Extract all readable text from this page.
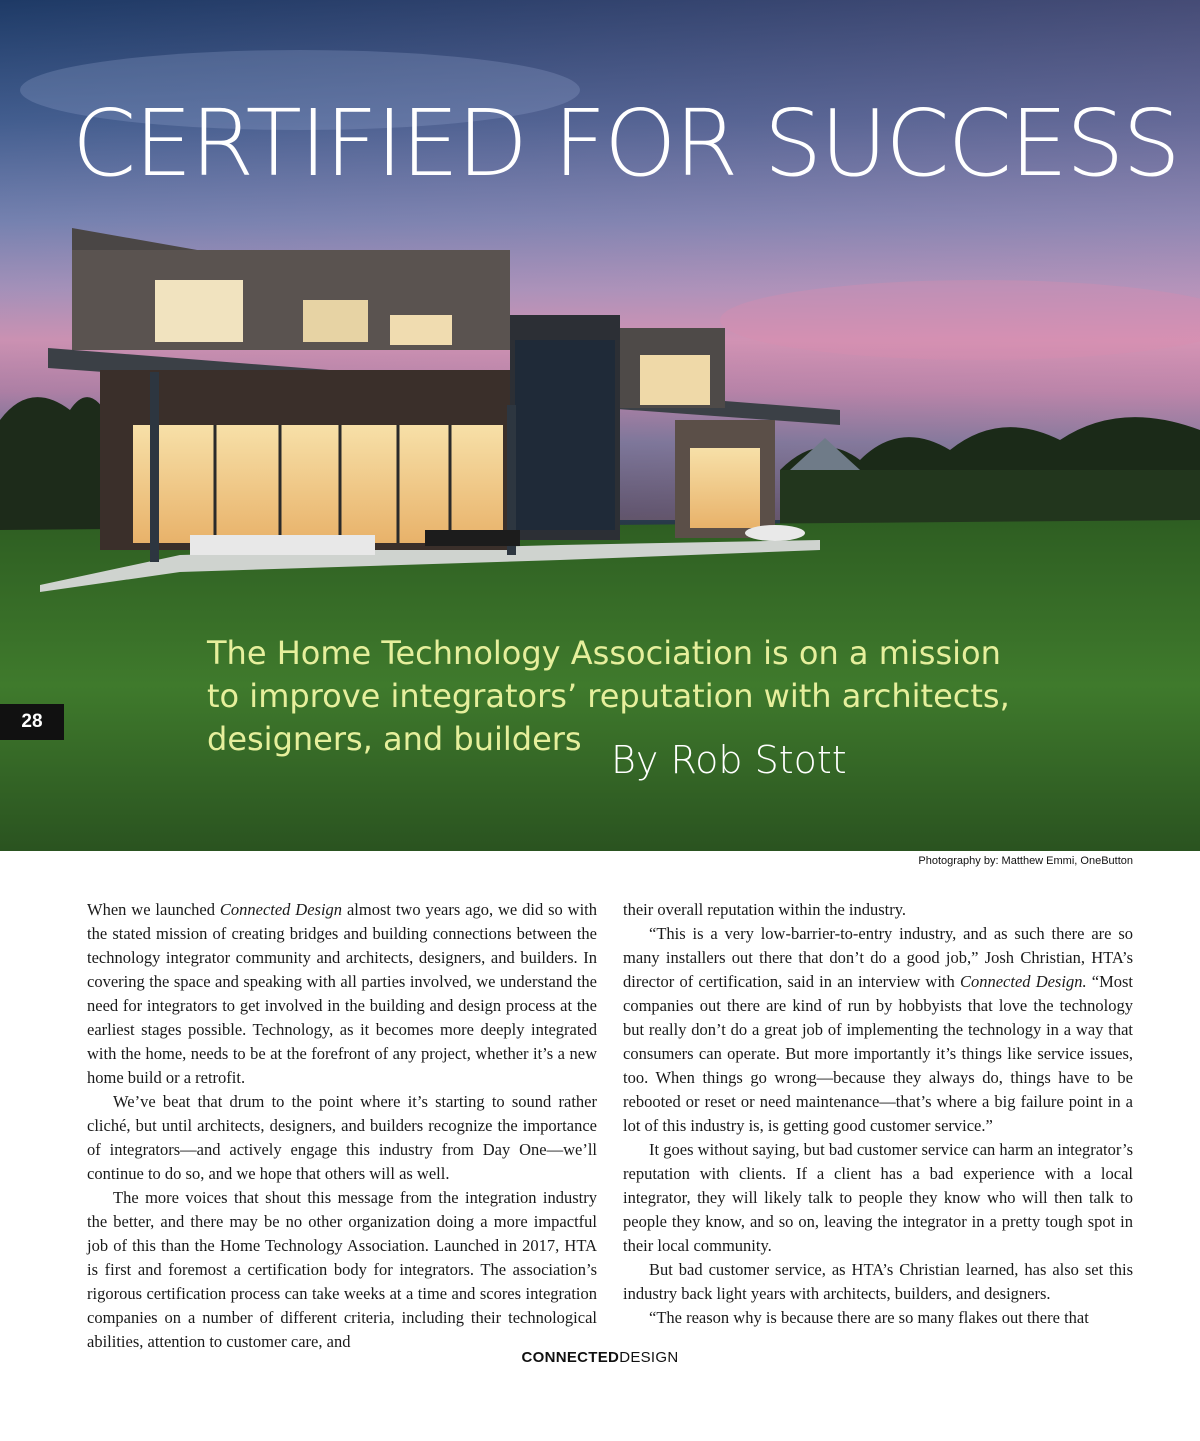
CERTIFIED FOR SUCCESS

The Home Technology Association is on a mission to improve integrators’ reputation with architects, designers, and builders By Rob Stott
28
Photography by: Matthew Emmi, OneButton

When we launched Connected Design almost two years ago, we did so with the stated mission of creating bridges and building connections between the technology integrator community and architects, designers, and builders. In covering the space and speaking with all parties involved, we understand the need for integrators to get involved in the building and design process at the earliest stages possible. Technology, as it becomes more deeply integrated with the home, needs to be at the forefront of any project, whether it’s a new home build or a retrofit.

We’ve beat that drum to the point where it’s starting to sound rather cliché, but until architects, designers, and builders recognize the importance of integrators—and actively engage this industry from Day One—we’ll continue to do so, and we hope that others will as well.

The more voices that shout this message from the integration industry the better, and there may be no other organization doing a more impactful job of this than the Home Technology Association. Launched in 2017, HTA is first and foremost a certification body for integrators. The association’s rigorous certification process can take weeks at a time and scores integration companies on a number of different criteria, including their technological abilities, attention to customer care, and

their overall reputation within the industry.

“This is a very low-barrier-to-entry industry, and as such there are so many installers out there that don’t do a good job,” Josh Christian, HTA’s director of certification, said in an interview with Connected Design. “Most companies out there are kind of run by hobbyists that love the technology but really don’t do a great job of implementing the technology in a way that consumers can operate. But more importantly it’s things like service issues, too. When things go wrong—because they always do, things have to be rebooted or reset or need maintenance—that’s where a big failure point in a lot of this industry is, is getting good customer service.”

It goes without saying, but bad customer service can harm an integrator’s reputation with clients. If a client has a bad experience with a local integrator, they will likely talk to people they know who will then talk to people they know, and so on, leaving the integrator in a pretty tough spot in their local community.

But bad customer service, as HTA’s Christian learned, has also set this industry back light years with architects, builders, and designers.

“The reason why is because there are so many flakes out there that

CONNECTEDDESIGN
